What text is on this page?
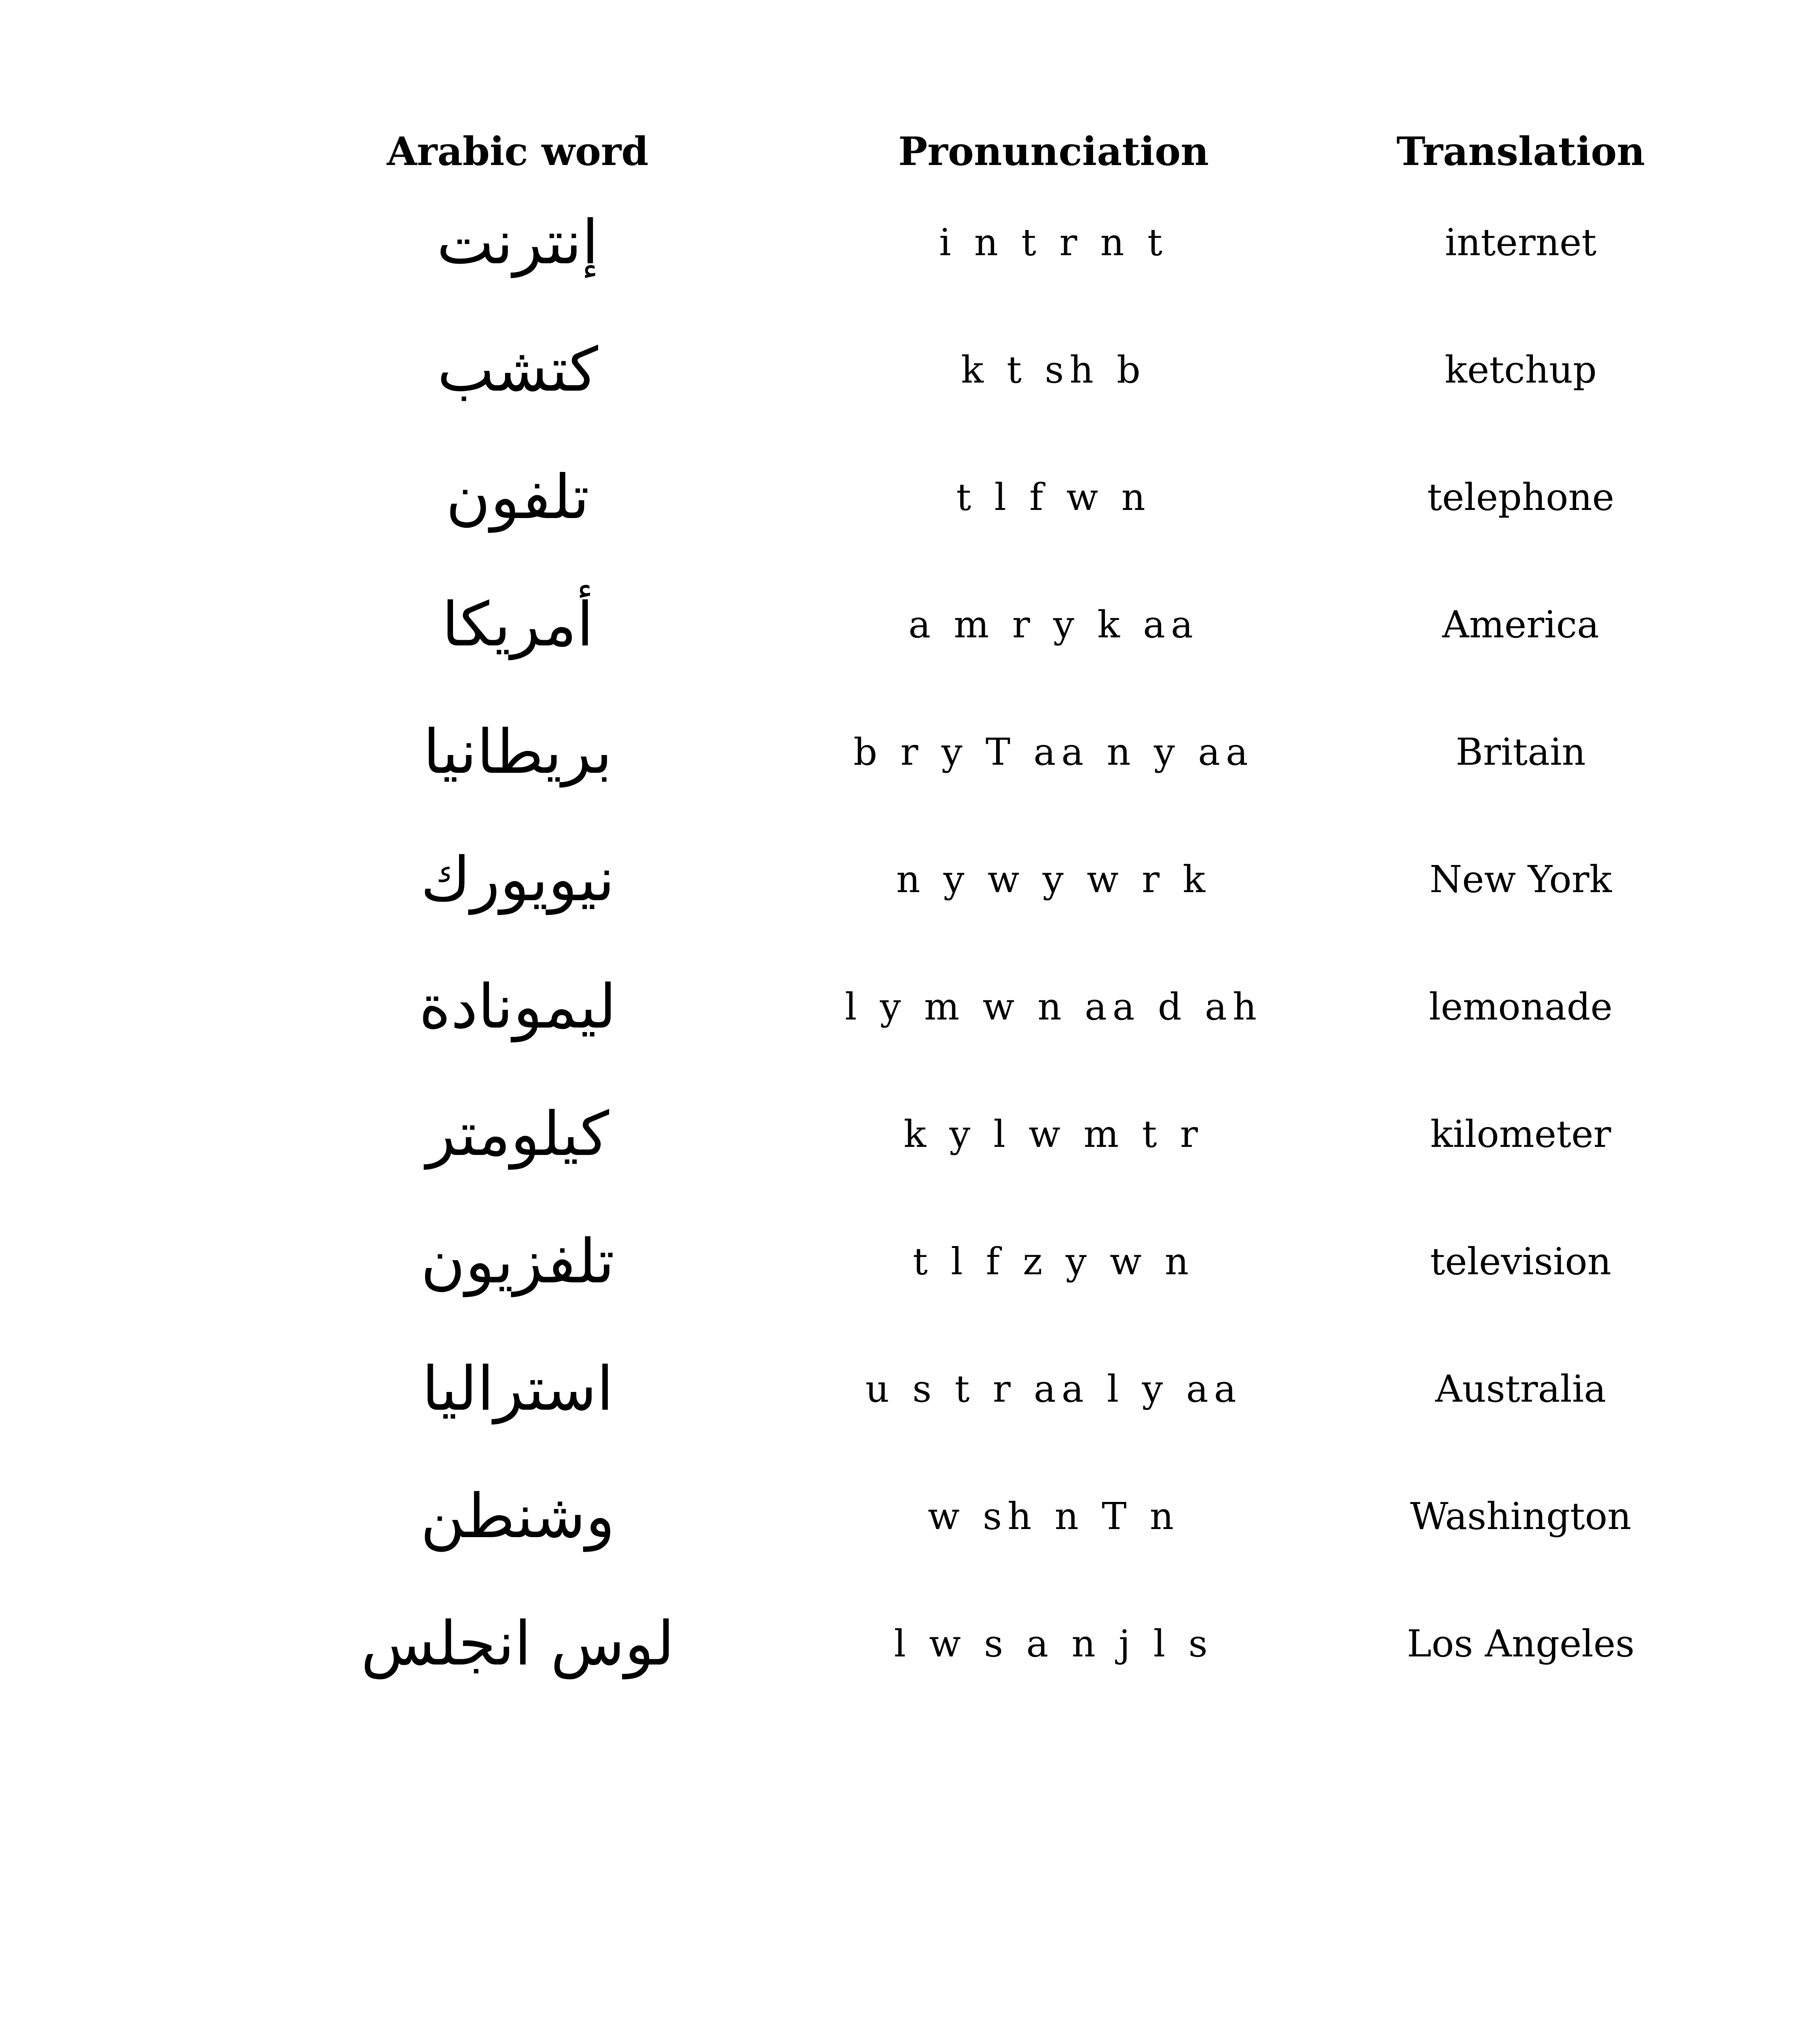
Arabic word	Pronunciation	Translation
إنترنت	i n t r n t	internet
كتشب	k t sh b	ketchup
تلفون	t l f w n	telephone
أمريكا	a m r y k aa	America
بريطانيا	b r y T aa n y aa	Britain
نيويورك	n y w y w r k	New York
ليمونادة	l y m w n aa d ah	lemonade
كيلومتر	k y l w m t r	kilometer
تلفزيون	t l f z y w n	television
استراليا	u s t r aa l y aa	Australia
وشنطن	w sh n T n	Washington
لوس انجلس	l w s a n j l s	Los Angeles
